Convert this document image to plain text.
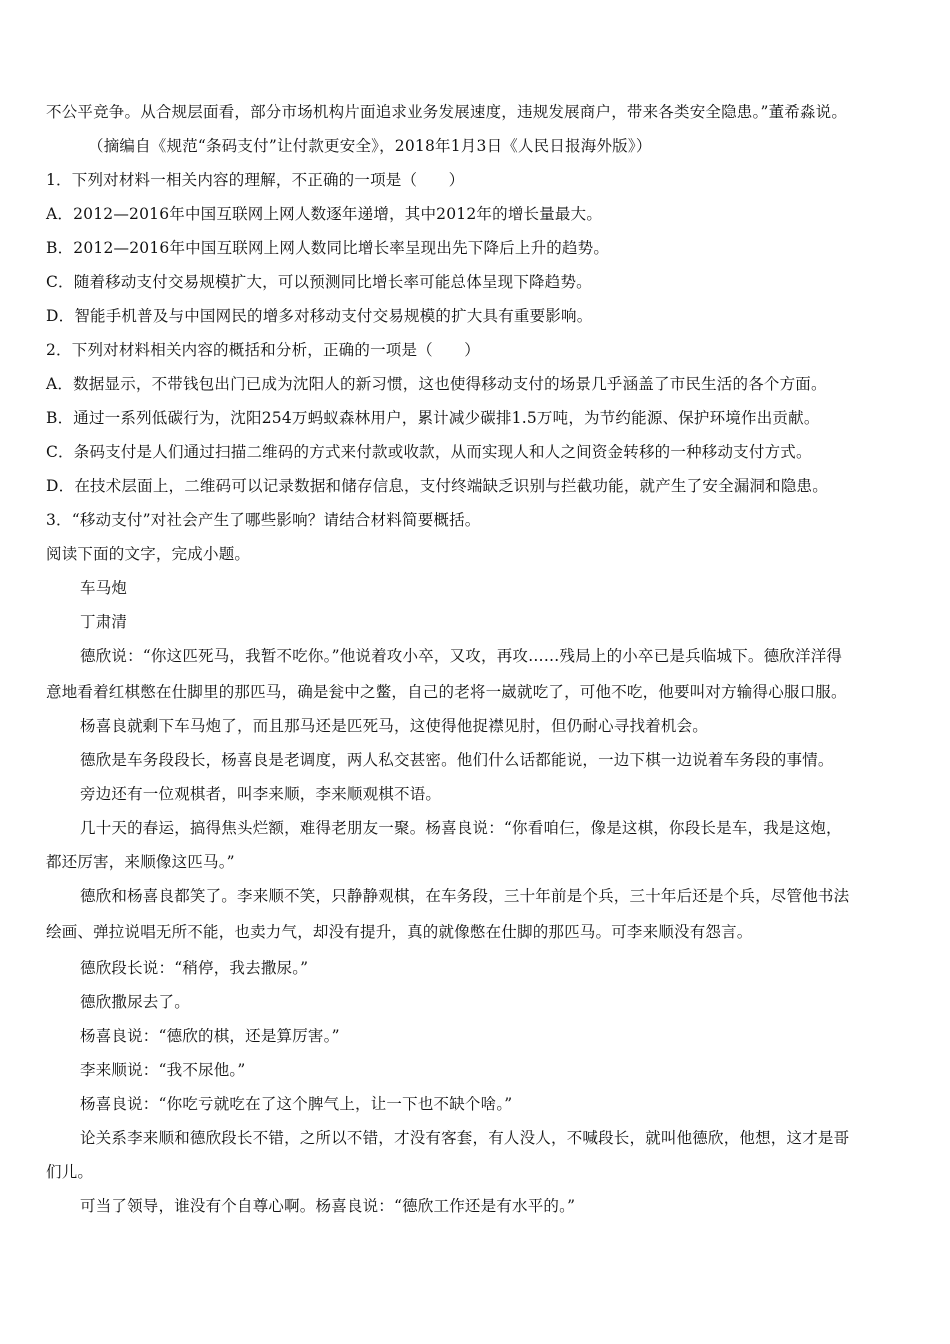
不公平竞争。从合规层面看，部分市场机构片面追求业务发展速度，违规发展商户，带来各类安全隐患。”董希淼说。
（摘编自《规范“条码支付”让付款更安全》，2018年1月3日《人民日报海外版》）
1．下列对材料一相关内容的理解，不正确的一项是（　　）
A．2012—2016年中国互联网上网人数逐年递增，其中2012年的增长量最大。
B．2012—2016年中国互联网上网人数同比增长率呈现出先下降后上升的趋势。
C．随着移动支付交易规模扩大，可以预测同比增长率可能总体呈现下降趋势。
D．智能手机普及与中国网民的增多对移动支付交易规模的扩大具有重要影响。
2．下列对材料相关内容的概括和分析，正确的一项是（　　）
A．数据显示，不带钱包出门已成为沈阳人的新习惯，这也使得移动支付的场景几乎涵盖了市民生活的各个方面。
B．通过一系列低碳行为，沈阳254万蚂蚁森林用户，累计减少碳排1.5万吨，为节约能源、保护环境作出贡献。
C．条码支付是人们通过扫描二维码的方式来付款或收款，从而实现人和人之间资金转移的一种移动支付方式。
D．在技术层面上，二维码可以记录数据和储存信息，支付终端缺乏识别与拦截功能，就产生了安全漏洞和隐患。
3．“移动支付”对社会产生了哪些影响？请结合材料简要概括。
阅读下面的文字，完成小题。
车马炮
丁肃清
德欣说：“你这匹死马，我暂不吃你。”他说着攻小卒，又攻，再攻……残局上的小卒已是兵临城下。德欣洋洋得
意地看着红棋憋在仕脚里的那匹马，确是瓮中之鳖，自己的老将一崴就吃了，可他不吃，他要叫对方输得心服口服。
杨喜良就剩下车马炮了，而且那马还是匹死马，这使得他捉襟见肘，但仍耐心寻找着机会。
德欣是车务段段长，杨喜良是老调度，两人私交甚密。他们什么话都能说，一边下棋一边说着车务段的事情。
旁边还有一位观棋者，叫李来顺，李来顺观棋不语。
几十天的春运，搞得焦头烂额，难得老朋友一聚。杨喜良说：“你看咱仨，像是这棋，你段长是车，我是这炮，
都还厉害，来顺像这匹马。”
德欣和杨喜良都笑了。李来顺不笑，只静静观棋，在车务段，三十年前是个兵，三十年后还是个兵，尽管他书法
绘画、弹拉说唱无所不能，也卖力气，却没有提升，真的就像憋在仕脚的那匹马。可李来顺没有怨言。
德欣段长说：“稍停，我去撒尿。”
德欣撒尿去了。
杨喜良说：“德欣的棋，还是算厉害。”
李来顺说：“我不尿他。”
杨喜良说：“你吃亏就吃在了这个脾气上，让一下也不缺个啥。”
论关系李来顺和德欣段长不错，之所以不错，才没有客套，有人没人，不喊段长，就叫他德欣，他想，这才是哥
们儿。
可当了领导，谁没有个自尊心啊。杨喜良说：“德欣工作还是有水平的。”
